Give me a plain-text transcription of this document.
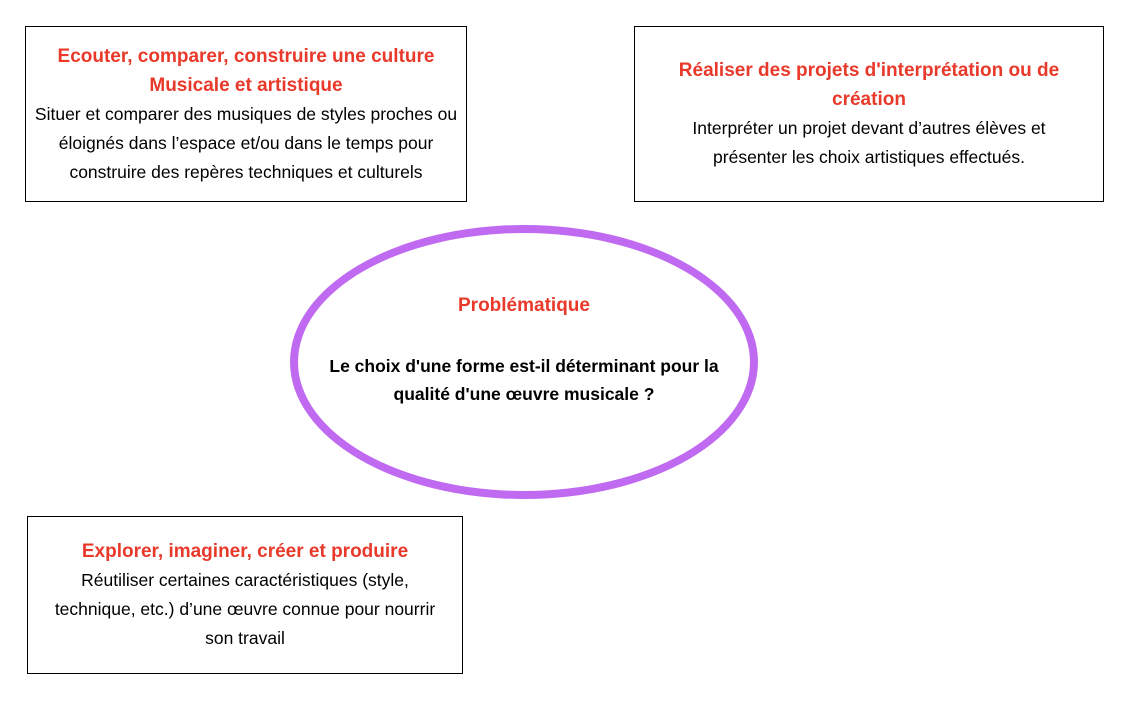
Ecouter, comparer, construire une culture Musicale et artistique
Situer et comparer des musiques de styles proches ou éloignés dans l’espace et/ou dans le temps pour construire des repères techniques et culturels
Réaliser des projets d'interprétation ou de création
Interpréter un projet devant d’autres élèves et présenter les choix artistiques effectués.
Problématique
Le choix d'une forme est-il déterminant pour la qualité d'une œuvre musicale ?
Explorer, imaginer, créer et produire
Réutiliser certaines caractéristiques (style, technique, etc.) d’une œuvre connue pour nourrir son travail
